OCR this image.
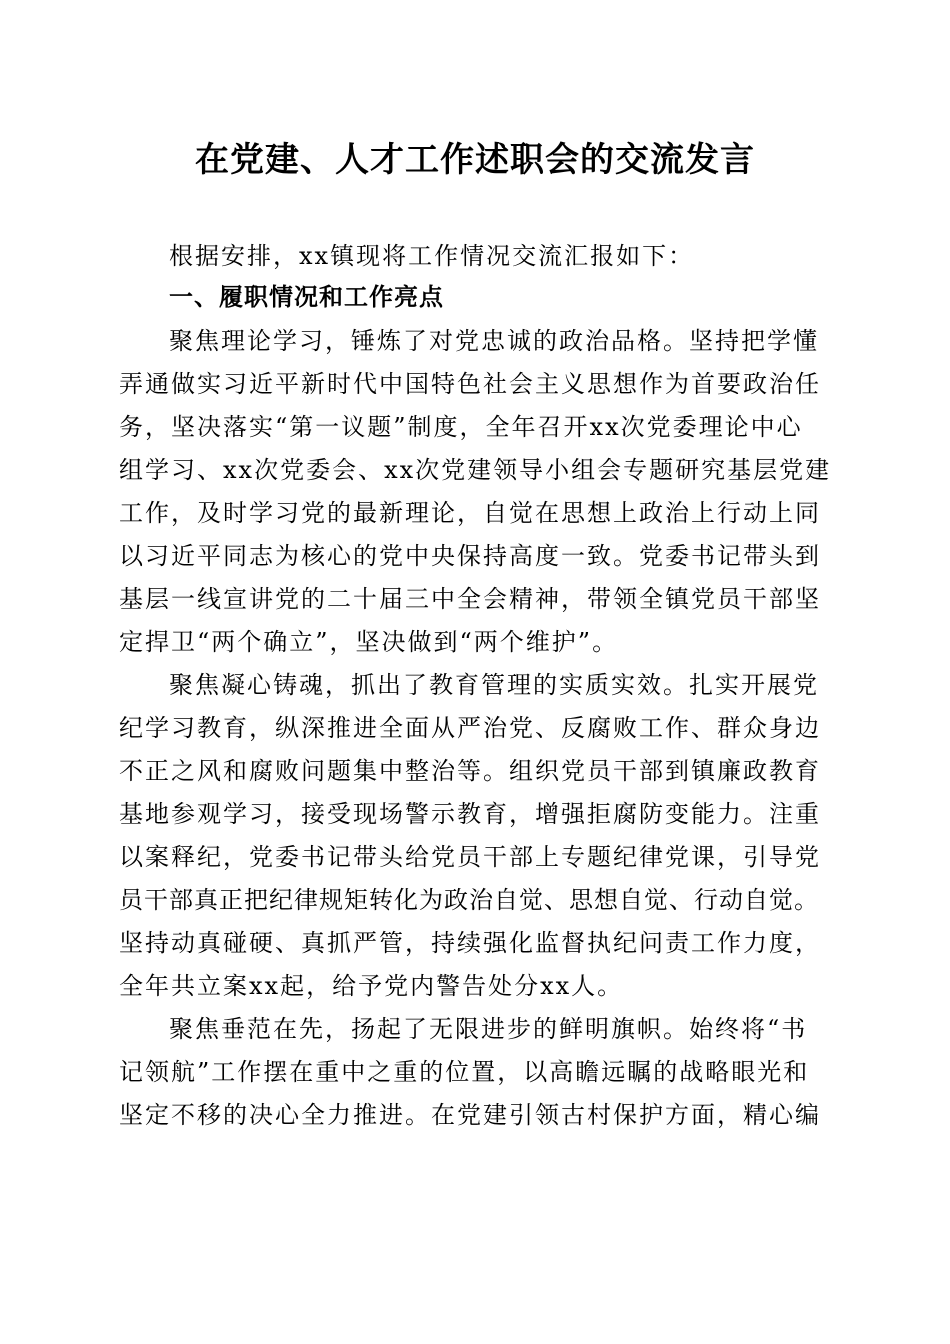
在党建、人才工作述职会的交流发言
根据安排，xx镇现将工作情况交流汇报如下：
一、履职情况和工作亮点
聚焦理论学习，锤炼了对党忠诚的政治品格。坚持把学懂
弄通做实习近平新时代中国特色社会主义思想作为首要政治任
务，坚决落实“第一议题”制度，全年召开xx次党委理论中心
组学习、xx次党委会、xx次党建领导小组会专题研究基层党建
工作，及时学习党的最新理论，自觉在思想上政治上行动上同
以习近平同志为核心的党中央保持高度一致。党委书记带头到
基层一线宣讲党的二十届三中全会精神，带领全镇党员干部坚
定捍卫“两个确立”，坚决做到“两个维护”。
聚焦凝心铸魂，抓出了教育管理的实质实效。扎实开展党
纪学习教育，纵深推进全面从严治党、反腐败工作、群众身边
不正之风和腐败问题集中整治等。组织党员干部到镇廉政教育
基地参观学习，接受现场警示教育，增强拒腐防变能力。注重
以案释纪，党委书记带头给党员干部上专题纪律党课，引导党
员干部真正把纪律规矩转化为政治自觉、思想自觉、行动自觉。
坚持动真碰硬、真抓严管，持续强化监督执纪问责工作力度，
全年共立案xx起，给予党内警告处分xx人。
聚焦垂范在先，扬起了无限进步的鲜明旗帜。始终将“书
记领航”工作摆在重中之重的位置，以高瞻远瞩的战略眼光和
坚定不移的决心全力推进。在党建引领古村保护方面，精心编
